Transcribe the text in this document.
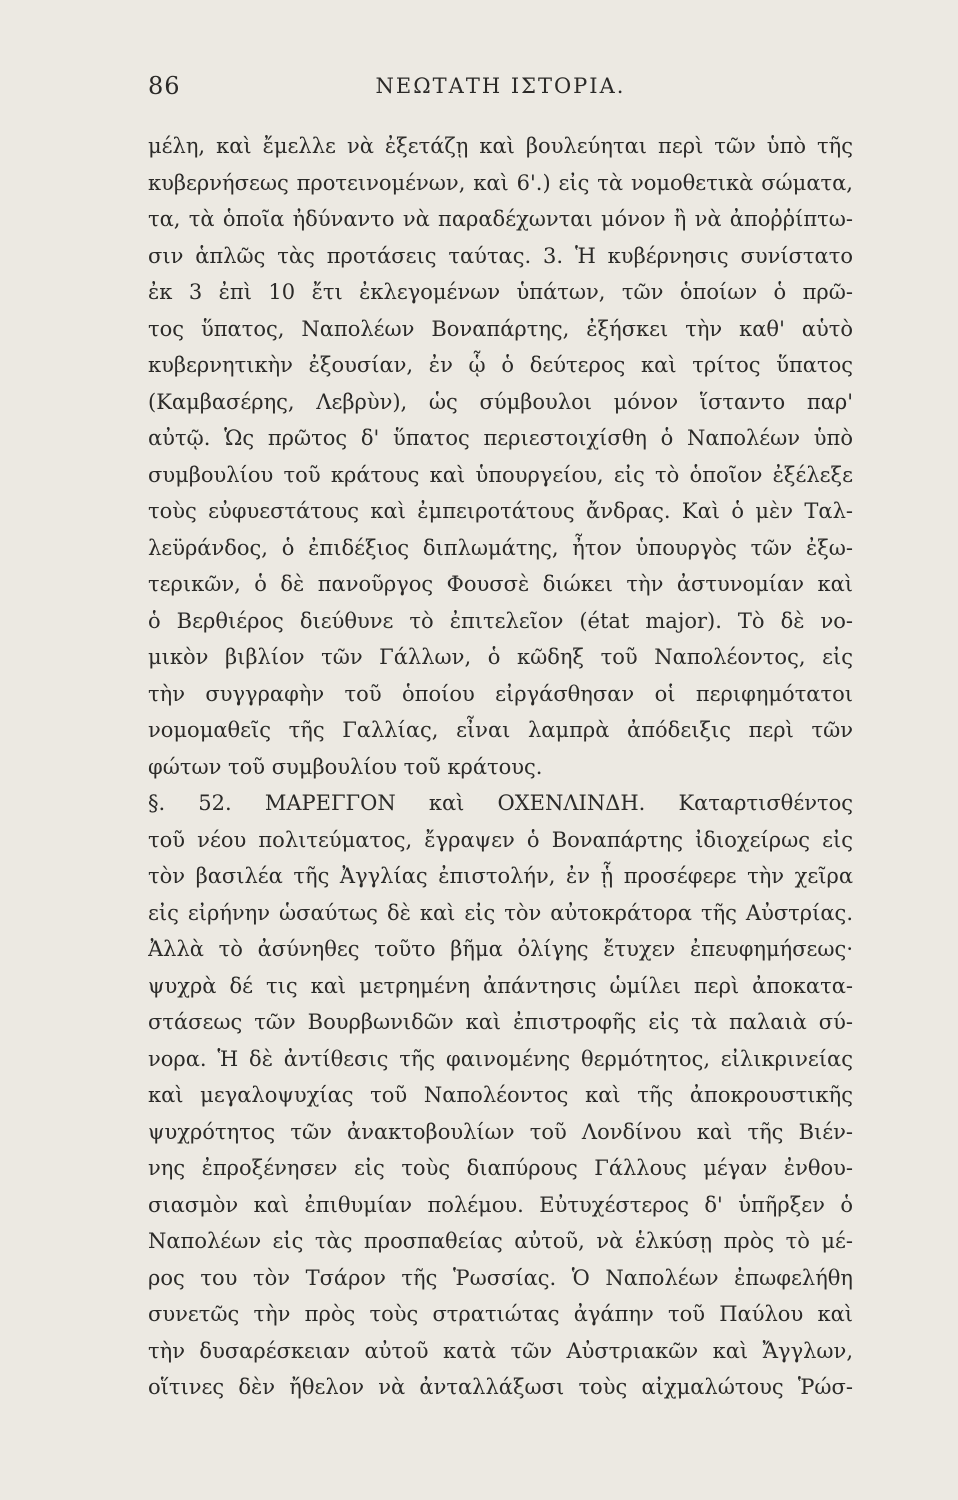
86	ΝΕΩΤΑΤΗ ΙΣΤΟΡΙΑ.
μέλη, καὶ ἔμελλε νὰ ἐξετάζῃ καὶ βουλεύηται περὶ τῶν ὑπὸ τῆς
κυβερνήσεως προτεινομένων, καὶ 6'.) εἰς τὰ νομοθετικὰ σώματα,
τα, τὰ ὁποῖα ἠδύναντο νὰ παραδέχωνται μόνον ἢ νὰ ἀποῤῥίπτω-
σιν ἁπλῶς τὰς προτάσεις ταύτας. 3. Ἡ κυβέρνησις συνίστατο
ἐκ 3 ἐπὶ 10 ἔτι ἐκλεγομένων ὑπάτων, τῶν ὁποίων ὁ πρῶ-
τος ὕπατος, Ναπολέων Βοναπάρτης, ἐξήσκει τὴν καθ' αὑτὸ
κυβερνητικὴν ἐξουσίαν, ἐν ᾧ ὁ δεύτερος καὶ τρίτος ὕπατος
(Καμβασέρης, Λεβρὺν), ὡς σύμβουλοι μόνον ἵσταντο παρ'
αὐτῷ. Ὡς πρῶτος δ' ὕπατος περιεστοιχίσθη ὁ Ναπολέων ὑπὸ
συμβουλίου τοῦ κράτους καὶ ὑπουργείου, εἰς τὸ ὁποῖον ἐξέλεξε
τοὺς εὐφυεστάτους καὶ ἐμπειροτάτους ἄνδρας. Καὶ ὁ μὲν Ταλ-
λεϋράνδος, ὁ ἐπιδέξιος διπλωμάτης, ἦτον ὑπουργὸς τῶν ἐξω-
τερικῶν, ὁ δὲ πανοῦργος Φουσσὲ διώκει τὴν ἀστυνομίαν καὶ
ὁ Βερθιέρος διεύθυνε τὸ ἐπιτελεῖον (état major). Τὸ δὲ νο-
μικὸν βιβλίον τῶν Γάλλων, ὁ κῶδηξ τοῦ Ναπολέοντος, εἰς
τὴν συγγραφὴν τοῦ ὁποίου εἰργάσθησαν οἱ περιφημότατοι
νομομαθεῖς τῆς Γαλλίας, εἶναι λαμπρὰ ἀπόδειξις περὶ τῶν
φώτων τοῦ συμβουλίου τοῦ κράτους.
§. 52. ΜΑΡΕΓΓΟΝ καὶ ΟΧΕΝΛΙΝΔΗ. Καταρτισθέντος
τοῦ νέου πολιτεύματος, ἔγραψεν ὁ Βοναπάρτης ἰδιοχείρως εἰς
τὸν βασιλέα τῆς Ἀγγλίας ἐπιστολήν, ἐν ᾗ προσέφερε τὴν χεῖρα
εἰς εἰρήνην ὡσαύτως δὲ καὶ εἰς τὸν αὐτοκράτορα τῆς Αὐστρίας.
Ἀλλὰ τὸ ἀσύνηθες τοῦτο βῆμα ὀλίγης ἔτυχεν ἐπευφημήσεως·
ψυχρὰ δέ τις καὶ μετρημένη ἀπάντησις ὡμίλει περὶ ἀποκατα-
στάσεως τῶν Βουρβωνιδῶν καὶ ἐπιστροφῆς εἰς τὰ παλαιὰ σύ-
νορα. Ἡ δὲ ἀντίθεσις τῆς φαινομένης θερμότητος, εἰλικρινείας
καὶ μεγαλοψυχίας τοῦ Ναπολέοντος καὶ τῆς ἀποκρουστικῆς
ψυχρότητος τῶν ἀνακτοβουλίων τοῦ Λονδίνου καὶ τῆς Βιέν-
νης ἐπροξένησεν εἰς τοὺς διαπύρους Γάλλους μέγαν ἐνθου-
σιασμὸν καὶ ἐπιθυμίαν πολέμου. Εὐτυχέστερος δ' ὑπῆρξεν ὁ
Ναπολέων εἰς τὰς προσπαθείας αὐτοῦ, νὰ ἑλκύσῃ πρὸς τὸ μέ-
ρος του τὸν Τσάρον τῆς Ῥωσσίας. Ὁ Ναπολέων ἐπωφελήθη
συνετῶς τὴν πρὸς τοὺς στρατιώτας ἀγάπην τοῦ Παύλου καὶ
τὴν δυσαρέσκειαν αὐτοῦ κατὰ τῶν Αὐστριακῶν καὶ Ἄγγλων,
οἵτινες δὲν ἤθελον νὰ ἀνταλλάξωσι τοὺς αἰχμαλώτους Ῥώσ-
